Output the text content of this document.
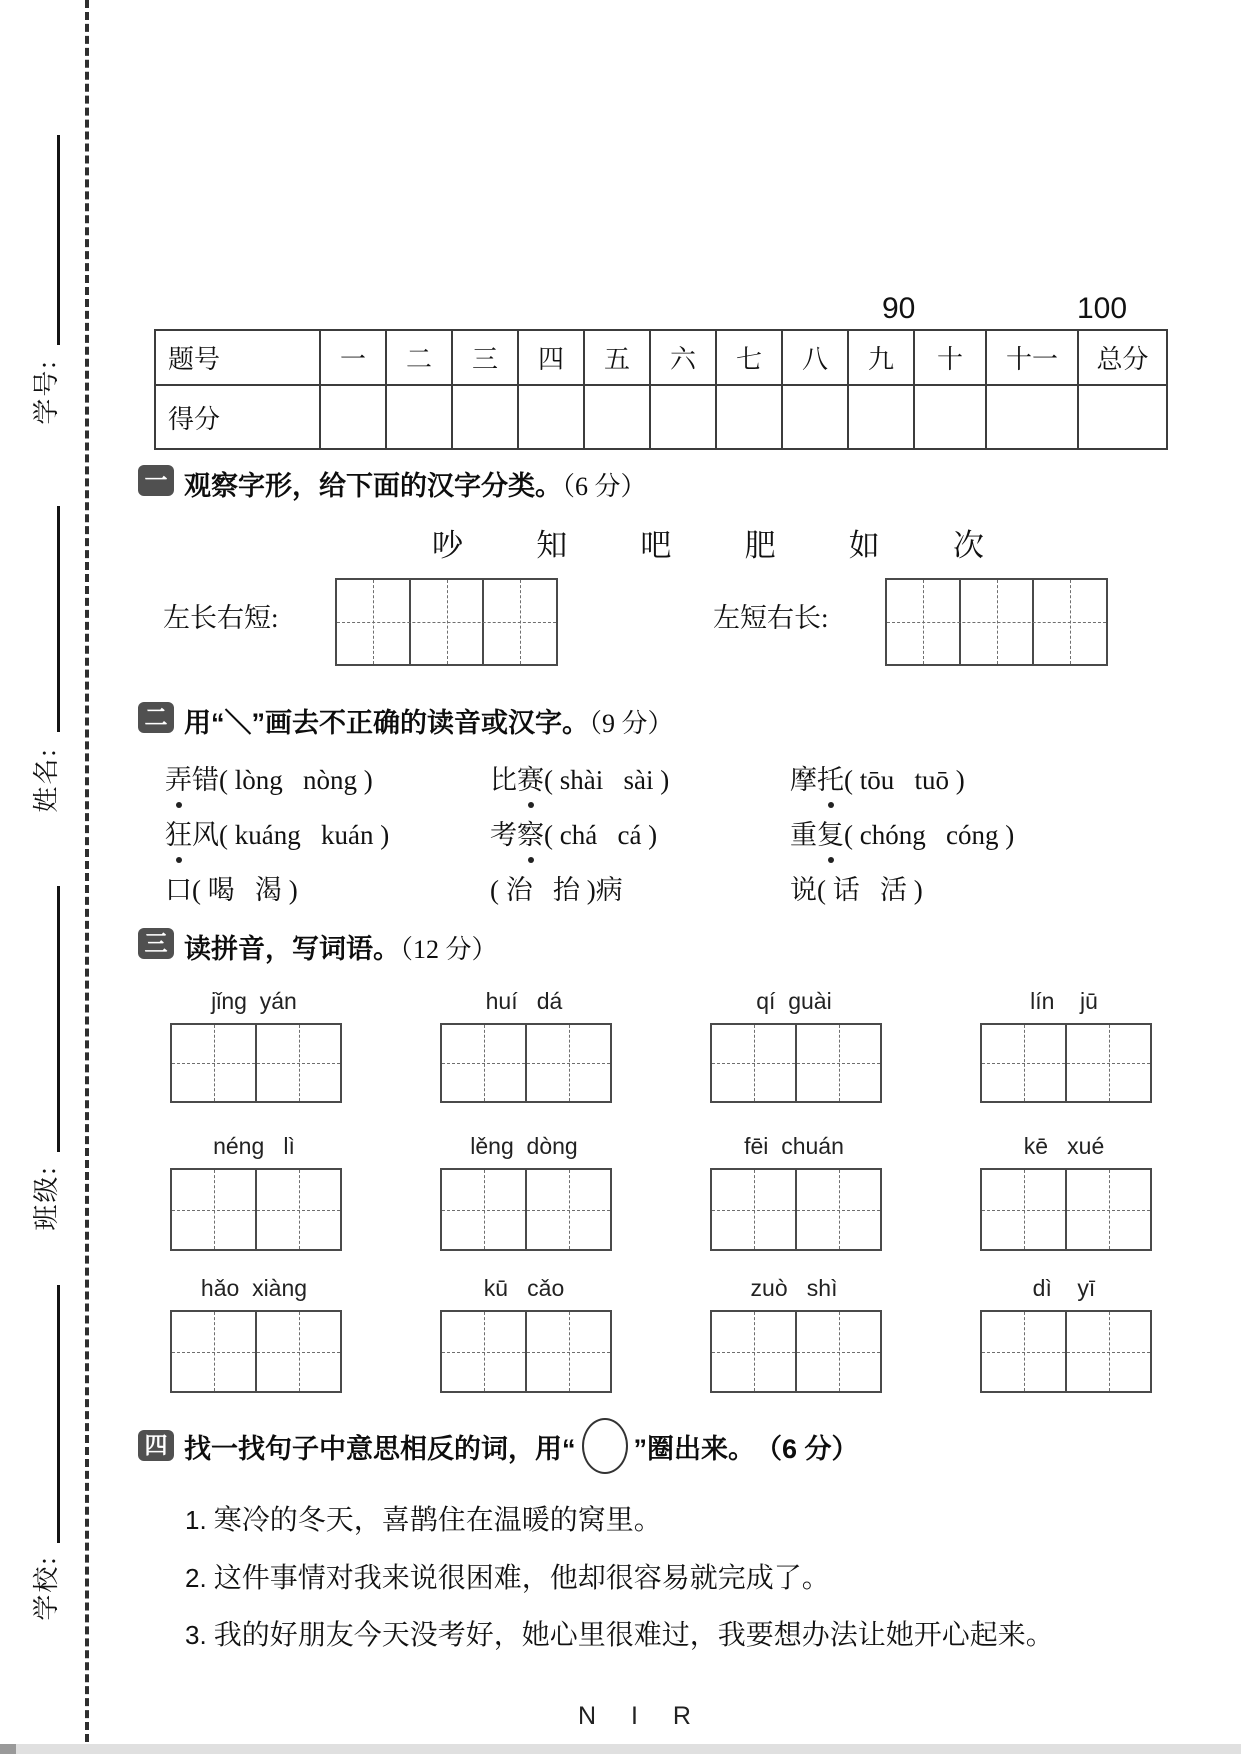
学号:
姓名:
班级:
学校:
90	100
题号	一	二	三	四	五	六	七	八	九	十	十一	总分
得分												
一 观察字形，给下面的汉字分类。（6 分）
吵 知 吧 肥 如 次
左长右短:	左短右长:
二 用“＼”画去不正确的读音或汉字。（9 分）
弄错( lòng   nòng )	比赛( shài   sài )	摩托( tōu   tuō )
狂风( kuáng   kuán )	考察( chá   cá )	重复( chóng   cóng )
口( 喝   渴 )	( 治   抬 )病	说( 话   活 )
三 读拼音，写词语。（12 分）
jǐng  yán	huí   dá	qí  guài	lín    jū
néng   lì	lěng  dòng	fēi  chuán	kē   xué
hǎo  xiàng	kū   cǎo	zuò   shì	dì    yī
四 找一找句子中意思相反的词，用“ ”圈出来。 （6 分）
1. 寒冷的冬天，喜鹊住在温暖的窝里。
2. 这件事情对我来说很困难，他却很容易就完成了。
3. 我的好朋友今天没考好，她心里很难过，我要想办法让她开心起来。
N I R
